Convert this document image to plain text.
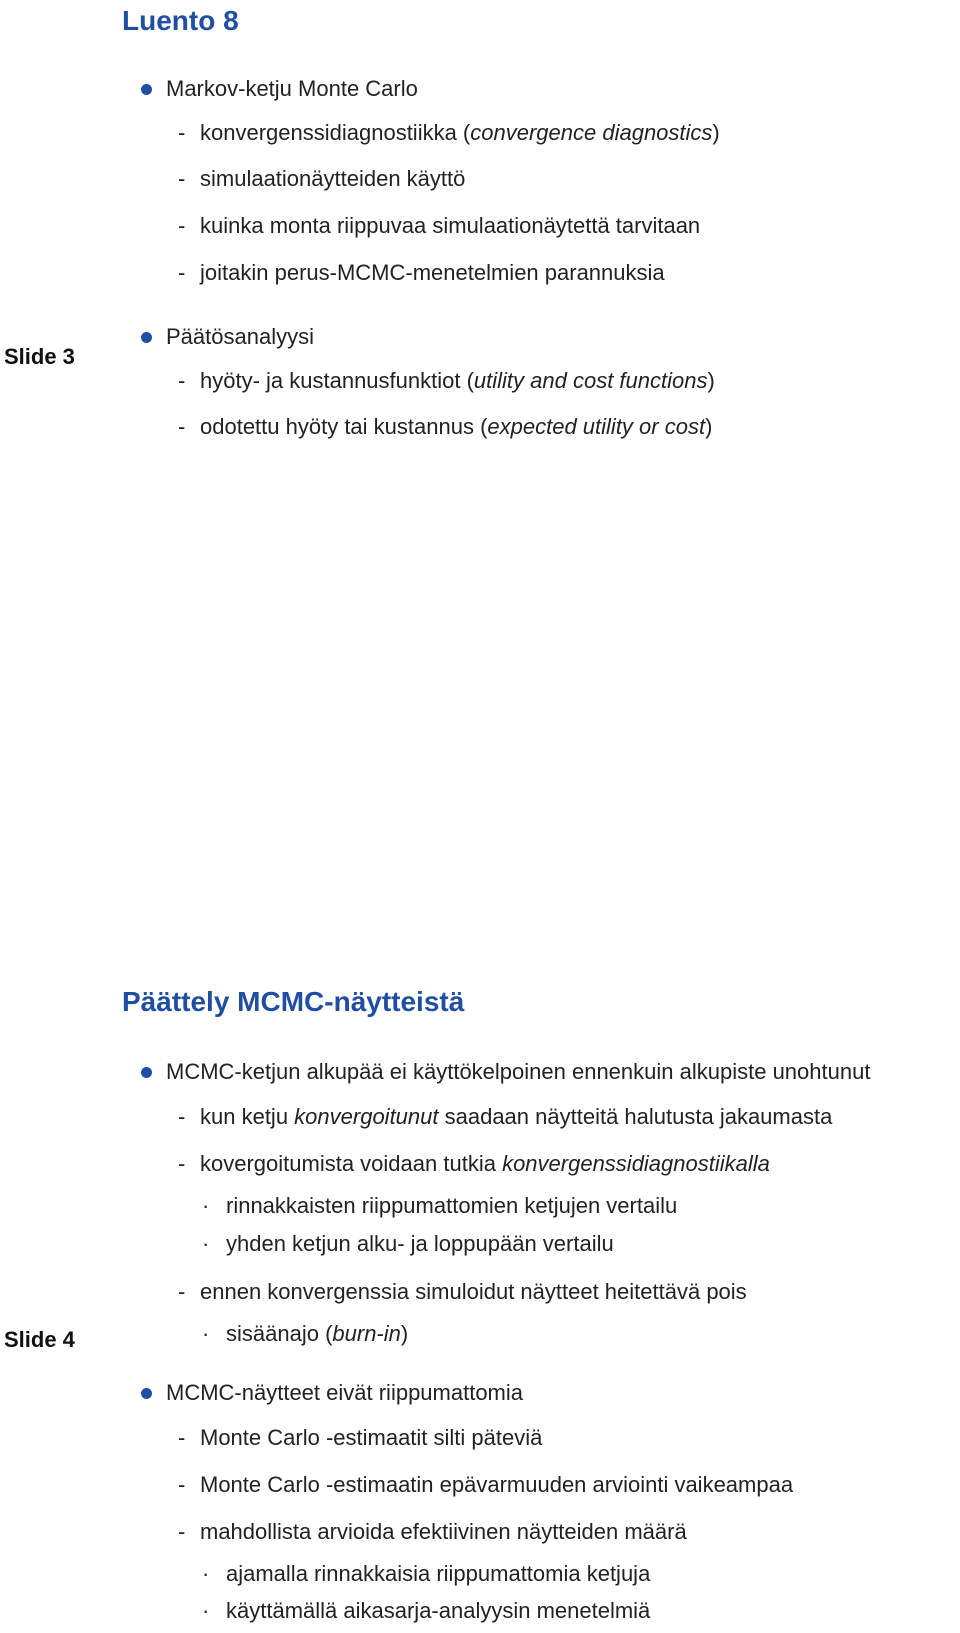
Luento 8
Slide 3
Markov-ketju Monte Carlo
- konvergenssidiagnostiikka (convergence diagnostics)
- simulaationäytteiden käyttö
- kuinka monta riippuvaa simulaationäytettä tarvitaan
- joitakin perus-MCMC-menetelmien parannuksia
Päätösanalyysi
- hyöty- ja kustannusfunktiot (utility and cost functions)
- odotettu hyöty tai kustannus (expected utility or cost)
Päättely MCMC-näytteistä
Slide 4
MCMC-ketjun alkupää ei käyttökelpoinen ennenkuin alkupiste unohtunut
- kun ketju konvergoitunut saadaan näytteitä halutusta jakaumasta
- kovergoitumista voidaan tutkia konvergenssidiagnostiikalla
· rinnakkaisten riippumattomien ketjujen vertailu
· yhden ketjun alku- ja loppupään vertailu
- ennen konvergenssia simuloidut näytteet heitettävä pois
· sisäänajo (burn-in)
MCMC-näytteet eivät riippumattomia
- Monte Carlo -estimaatit silti päteviä
- Monte Carlo -estimaatin epävarmuuden arviointi vaikeampaa
- mahdollista arvioida efektiivinen näytteiden määrä
· ajamalla rinnakkaisia riippumattomia ketjuja
· käyttämällä aikasarja-analyysin menetelmiä
